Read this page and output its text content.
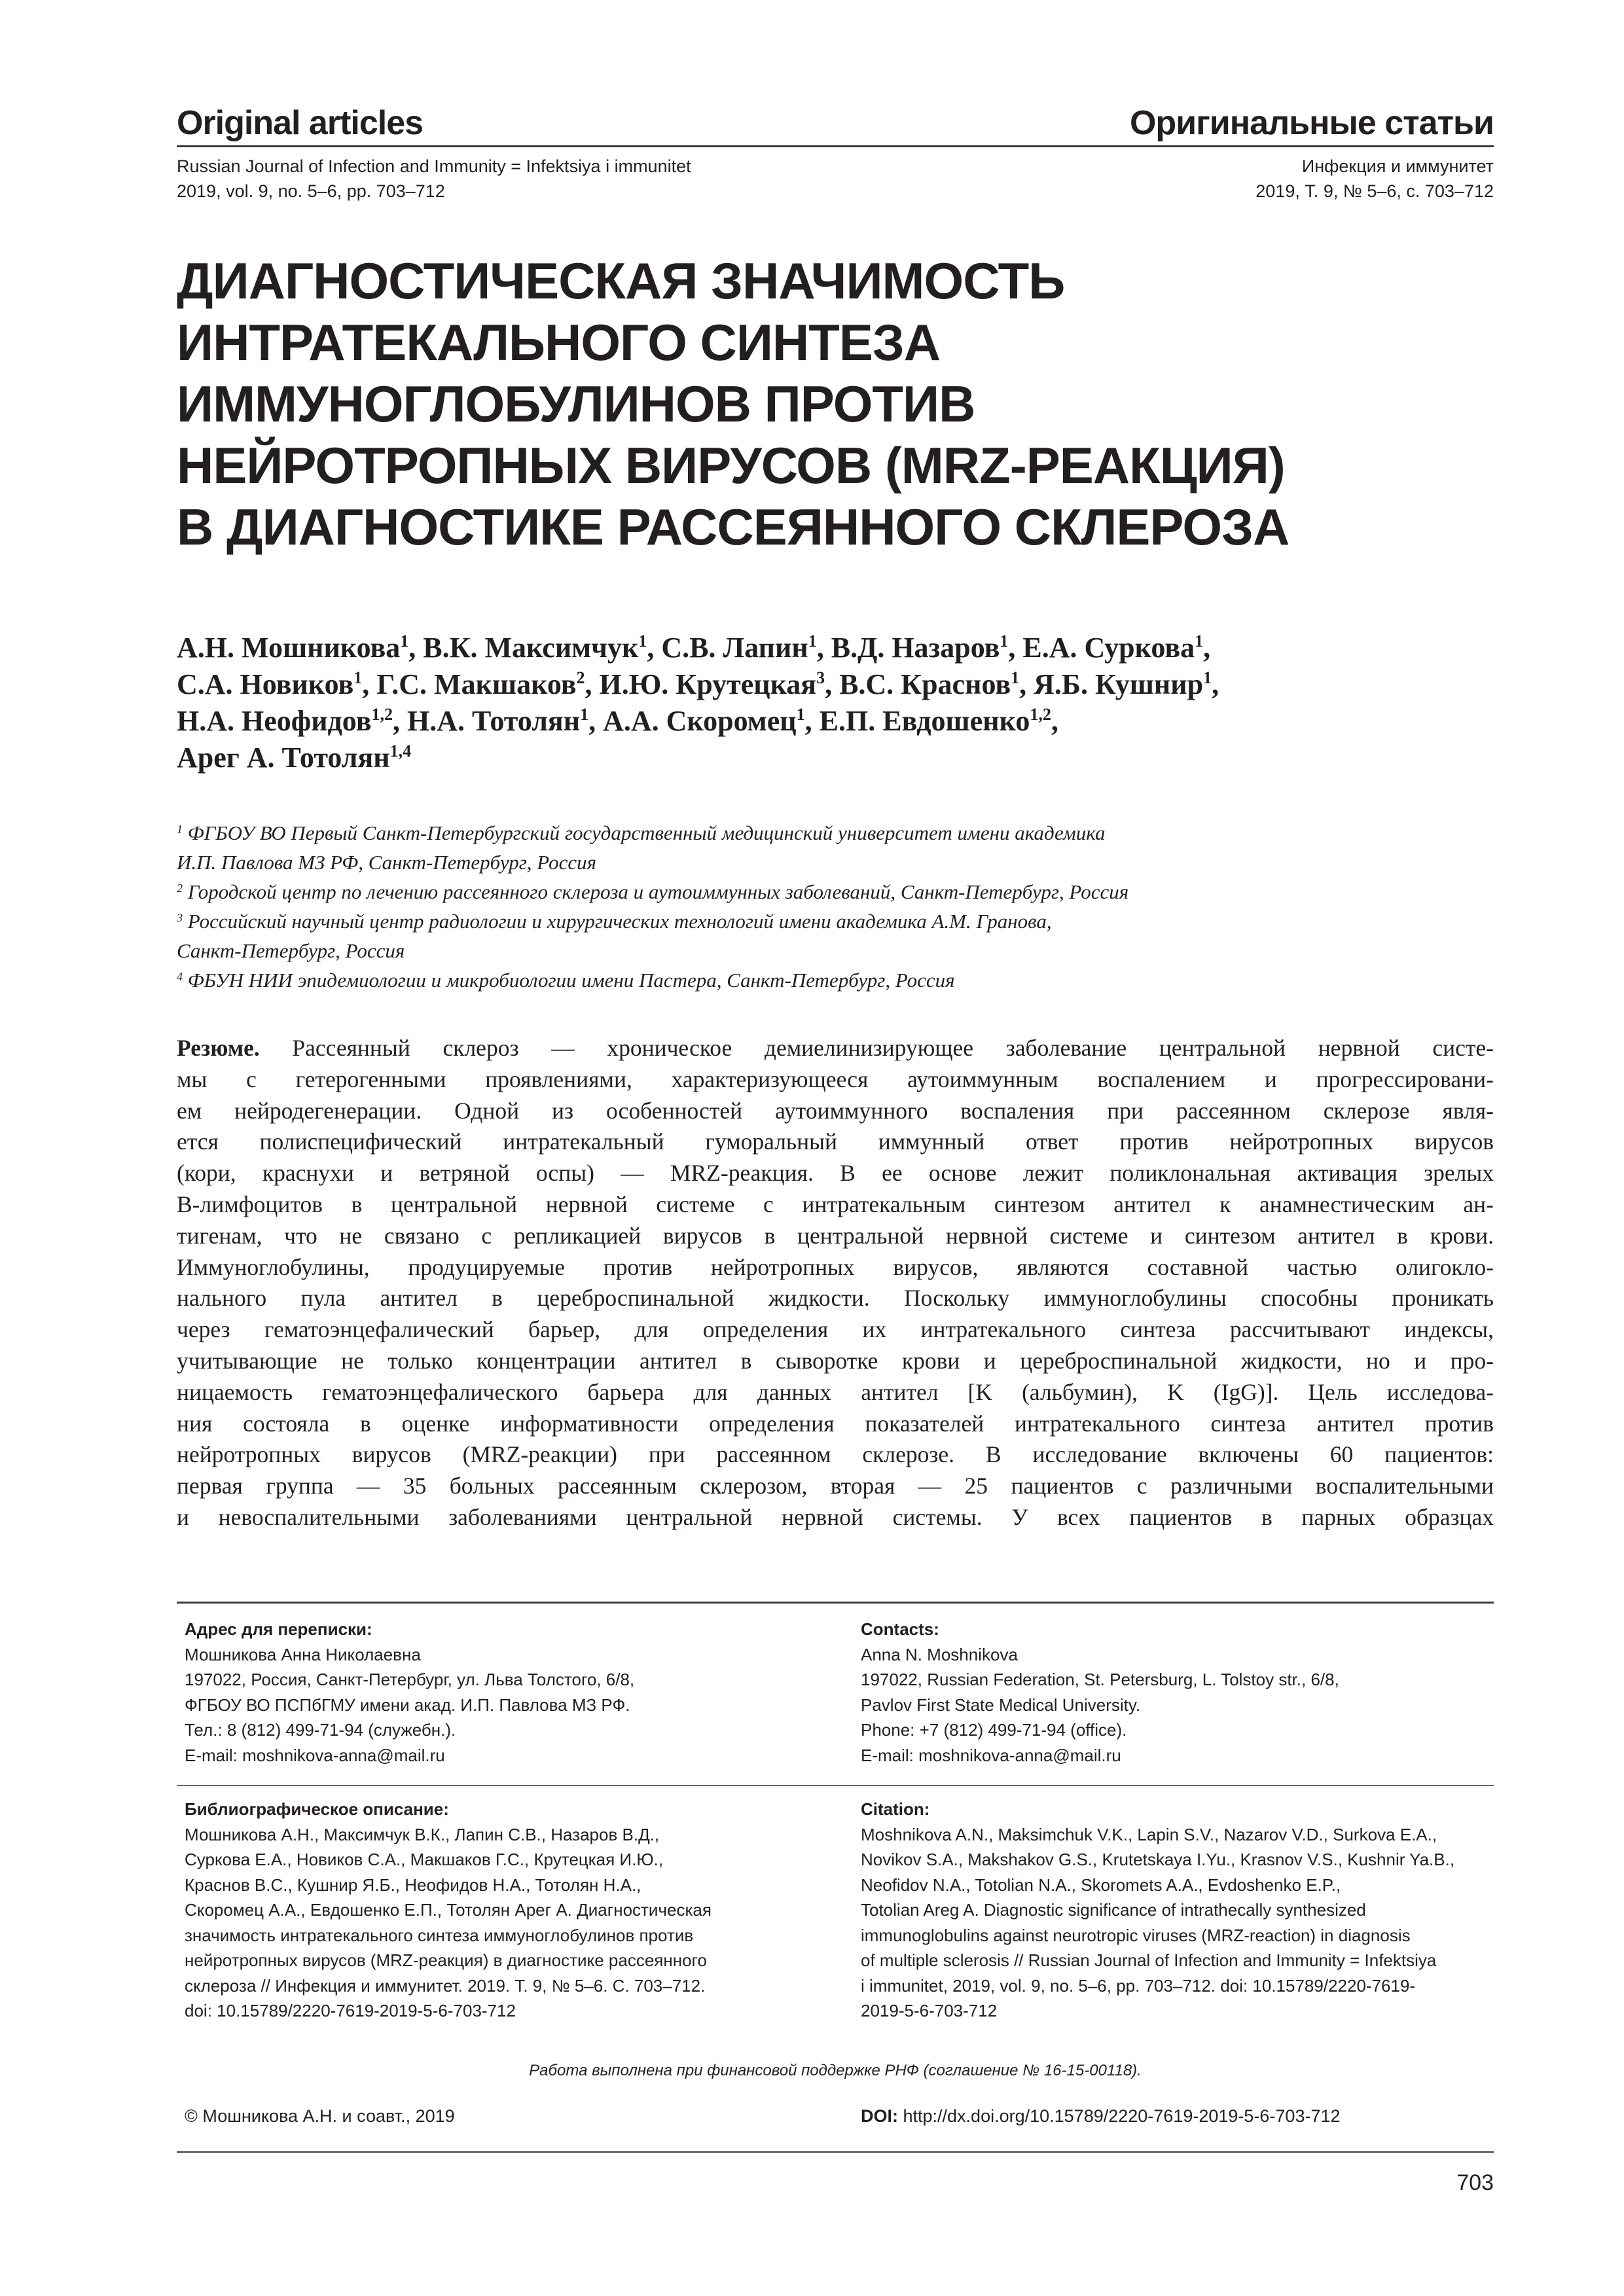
Original articles	Оригинальные статьи
Russian Journal of Infection and Immunity = Infektsiya i immunitet
2019, vol. 9, no. 5–6, pp. 703–712
Инфекция и иммунитет
2019, Т. 9, № 5–6, с. 703–712
ДИАГНОСТИЧЕСКАЯ ЗНАЧИМОСТЬ
ИНТРАТЕКАЛЬНОГО СИНТЕЗА
ИММУНОГЛОБУЛИНОВ ПРОТИВ
НЕЙРОТРОПНЫХ ВИРУСОВ (MRZ-РЕАКЦИЯ)
В ДИАГНОСТИКЕ РАССЕЯННОГО СКЛЕРОЗА
А.Н. Мошникова$^1$, В.К. Максимчук$^1$, С.В. Лапин$^1$, В.Д. Назаров$^1$, Е.А. Суркова$^1$,
С.А. Новиков$^1$, Г.С. Макшаков$^2$, И.Ю. Крутецкая$^3$, В.С. Краснов$^1$, Я.Б. Кушнир$^1$,
Н.А. Неофидов$^{1,2}$, Н.А. Тотолян$^1$, А.А. Скоромец$^1$, Е.П. Евдошенко$^{1,2}$,
Арег А. Тотолян$^{1,4}$
$^1$ ФГБОУ ВО Первый Санкт-Петербургский государственный медицинский университет имени академика
И.П. Павлова МЗ РФ, Санкт-Петербург, Россия
$^2$ Городской центр по лечению рассеянного склероза и аутоиммунных заболеваний, Санкт-Петербург, Россия
$^3$ Российский научный центр радиологии и хирургических технологий имени академика А.М. Гранова,
Санкт-Петербург, Россия
$^4$ ФБУН НИИ эпидемиологии и микробиологии имени Пастера, Санкт-Петербург, Россия
Резюме. Рассеянный склероз — хроническое демиелинизирующее заболевание центральной нервной систе-
мы с гетерогенными проявлениями, характеризующееся аутоиммунным воспалением и прогрессировани-
ем нейродегенерации. Одной из особенностей аутоиммунного воспаления при рассеянном склерозе явля-
ется полиспецифический интратекальный гуморальный иммунный ответ против нейротропных вирусов
(кори, краснухи и ветряной оспы) — MRZ-реакция. В ее основе лежит поликлональная активация зрелых
B-лимфоцитов в центральной нервной системе с интратекальным синтезом антител к анамнестическим ан-
тигенам, что не связано с репликацией вирусов в центральной нервной системе и синтезом антител в крови.
Иммуноглобулины, продуцируемые против нейротропных вирусов, являются составной частью олигокло-
нального пула антител в цереброспинальной жидкости. Поскольку иммуноглобулины способны проникать
через гематоэнцефалический барьер, для определения их интратекального синтеза рассчитывают индексы,
учитывающие не только концентрации антител в сыворотке крови и цереброспинальной жидкости, но и про-
ницаемость гематоэнцефалического барьера для данных антител [K (альбумин), K (IgG)]. Цель исследова-
ния состояла в оценке информативности определения показателей интратекального синтеза антител против
нейротропных вирусов (MRZ-реакции) при рассеянном склерозе. В исследование включены 60 пациентов:
первая группа — 35 больных рассеянным склерозом, вторая — 25 пациентов с различными воспалительными
и невоспалительными заболеваниями центральной нервной системы. У всех пациентов в парных образцах
Адрес для переписки:
Мошникова Анна Николаевна
197022, Россия, Санкт-Петербург, ул. Льва Толстого, 6/8,
ФГБОУ ВО ПСПбГМУ имени акад. И.П. Павлова МЗ РФ.
Тел.: 8 (812) 499-71-94 (служебн.).
E-mail: moshnikova-anna@mail.ru
Contacts:
Anna N. Moshnikova
197022, Russian Federation, St. Petersburg, L. Tolstoy str., 6/8,
Pavlov First State Medical University.
Phone: +7 (812) 499-71-94 (office).
E-mail: moshnikova-anna@mail.ru
Библиографическое описание:
Мошникова А.Н., Максимчук В.К., Лапин С.В., Назаров В.Д.,
Суркова Е.А., Новиков С.А., Макшаков Г.С., Крутецкая И.Ю.,
Краснов В.С., Кушнир Я.Б., Неофидов Н.А., Тотолян Н.А.,
Скоромец А.А., Евдошенко Е.П., Тотолян Арег А. Диагностическая
значимость интратекального синтеза иммуноглобулинов против
нейротропных вирусов (MRZ-реакция) в диагностике рассеянного
склероза // Инфекция и иммунитет. 2019. Т. 9, № 5–6. С. 703–712.
doi: 10.15789/2220-7619-2019-5-6-703-712
Citation:
Moshnikova A.N., Maksimchuk V.K., Lapin S.V., Nazarov V.D., Surkova E.A.,
Novikov S.A., Makshakov G.S., Krutetskaya I.Yu., Krasnov V.S., Kushnir Ya.B.,
Neofidov N.A., Totolian N.A., Skoromets A.A., Evdoshenko E.P.,
Totolian Areg A. Diagnostic significance of intrathecally synthesized
immunoglobulins against neurotropic viruses (MRZ-reaction) in diagnosis
of multiple sclerosis // Russian Journal of Infection and Immunity = Infektsiya
i immunitet, 2019, vol. 9, no. 5–6, pp. 703–712. doi: 10.15789/2220-7619-
2019-5-6-703-712
Работа выполнена при финансовой поддержке РНФ (соглашение № 16-15-00118).
© Мошникова А.Н. и соавт., 2019	DOI: http://dx.doi.org/10.15789/2220-7619-2019-5-6-703-712
703
